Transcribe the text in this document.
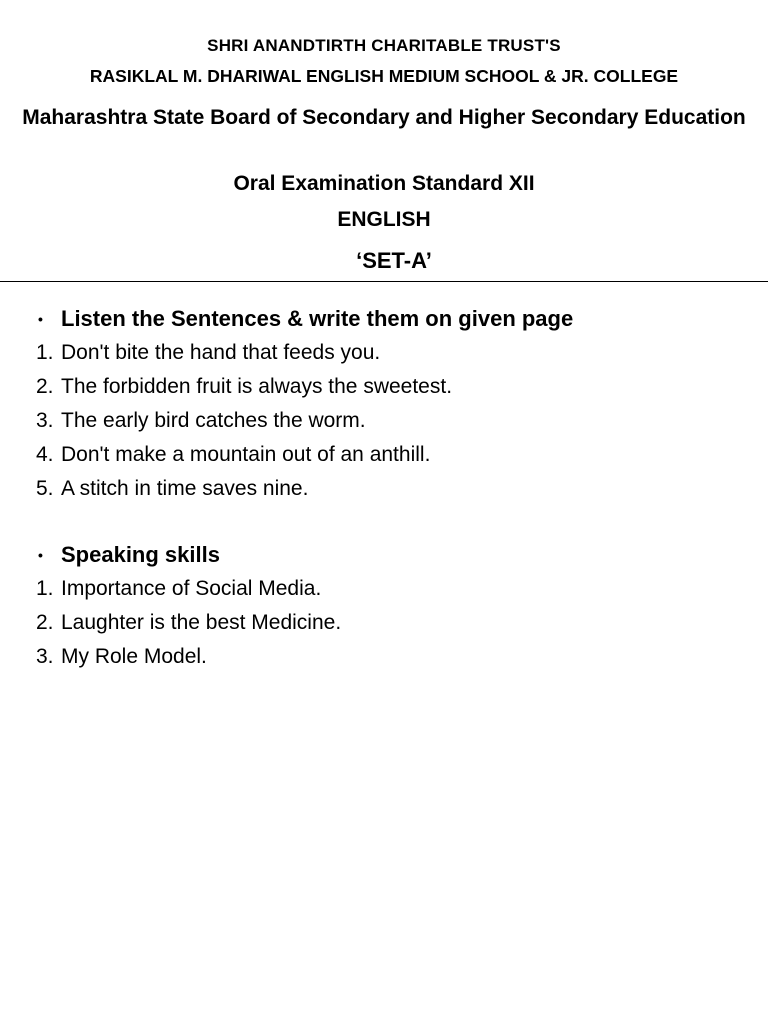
SHRI ANANDTIRTH CHARITABLE TRUST'S
RASIKLAL M. DHARIWAL ENGLISH MEDIUM SCHOOL & JR. COLLEGE
Maharashtra State Board of Secondary and Higher Secondary Education
Oral Examination Standard XII
ENGLISH
‘SET-A’
• Listen the Sentences & write them on given page
1. Don't bite the hand that feeds you.
2. The forbidden fruit is always the sweetest.
3. The early bird catches the worm.
4. Don't make a mountain out of an anthill.
5. A stitch in time saves nine.
• Speaking skills
1. Importance of Social Media.
2. Laughter is the best Medicine.
3. My Role Model.
